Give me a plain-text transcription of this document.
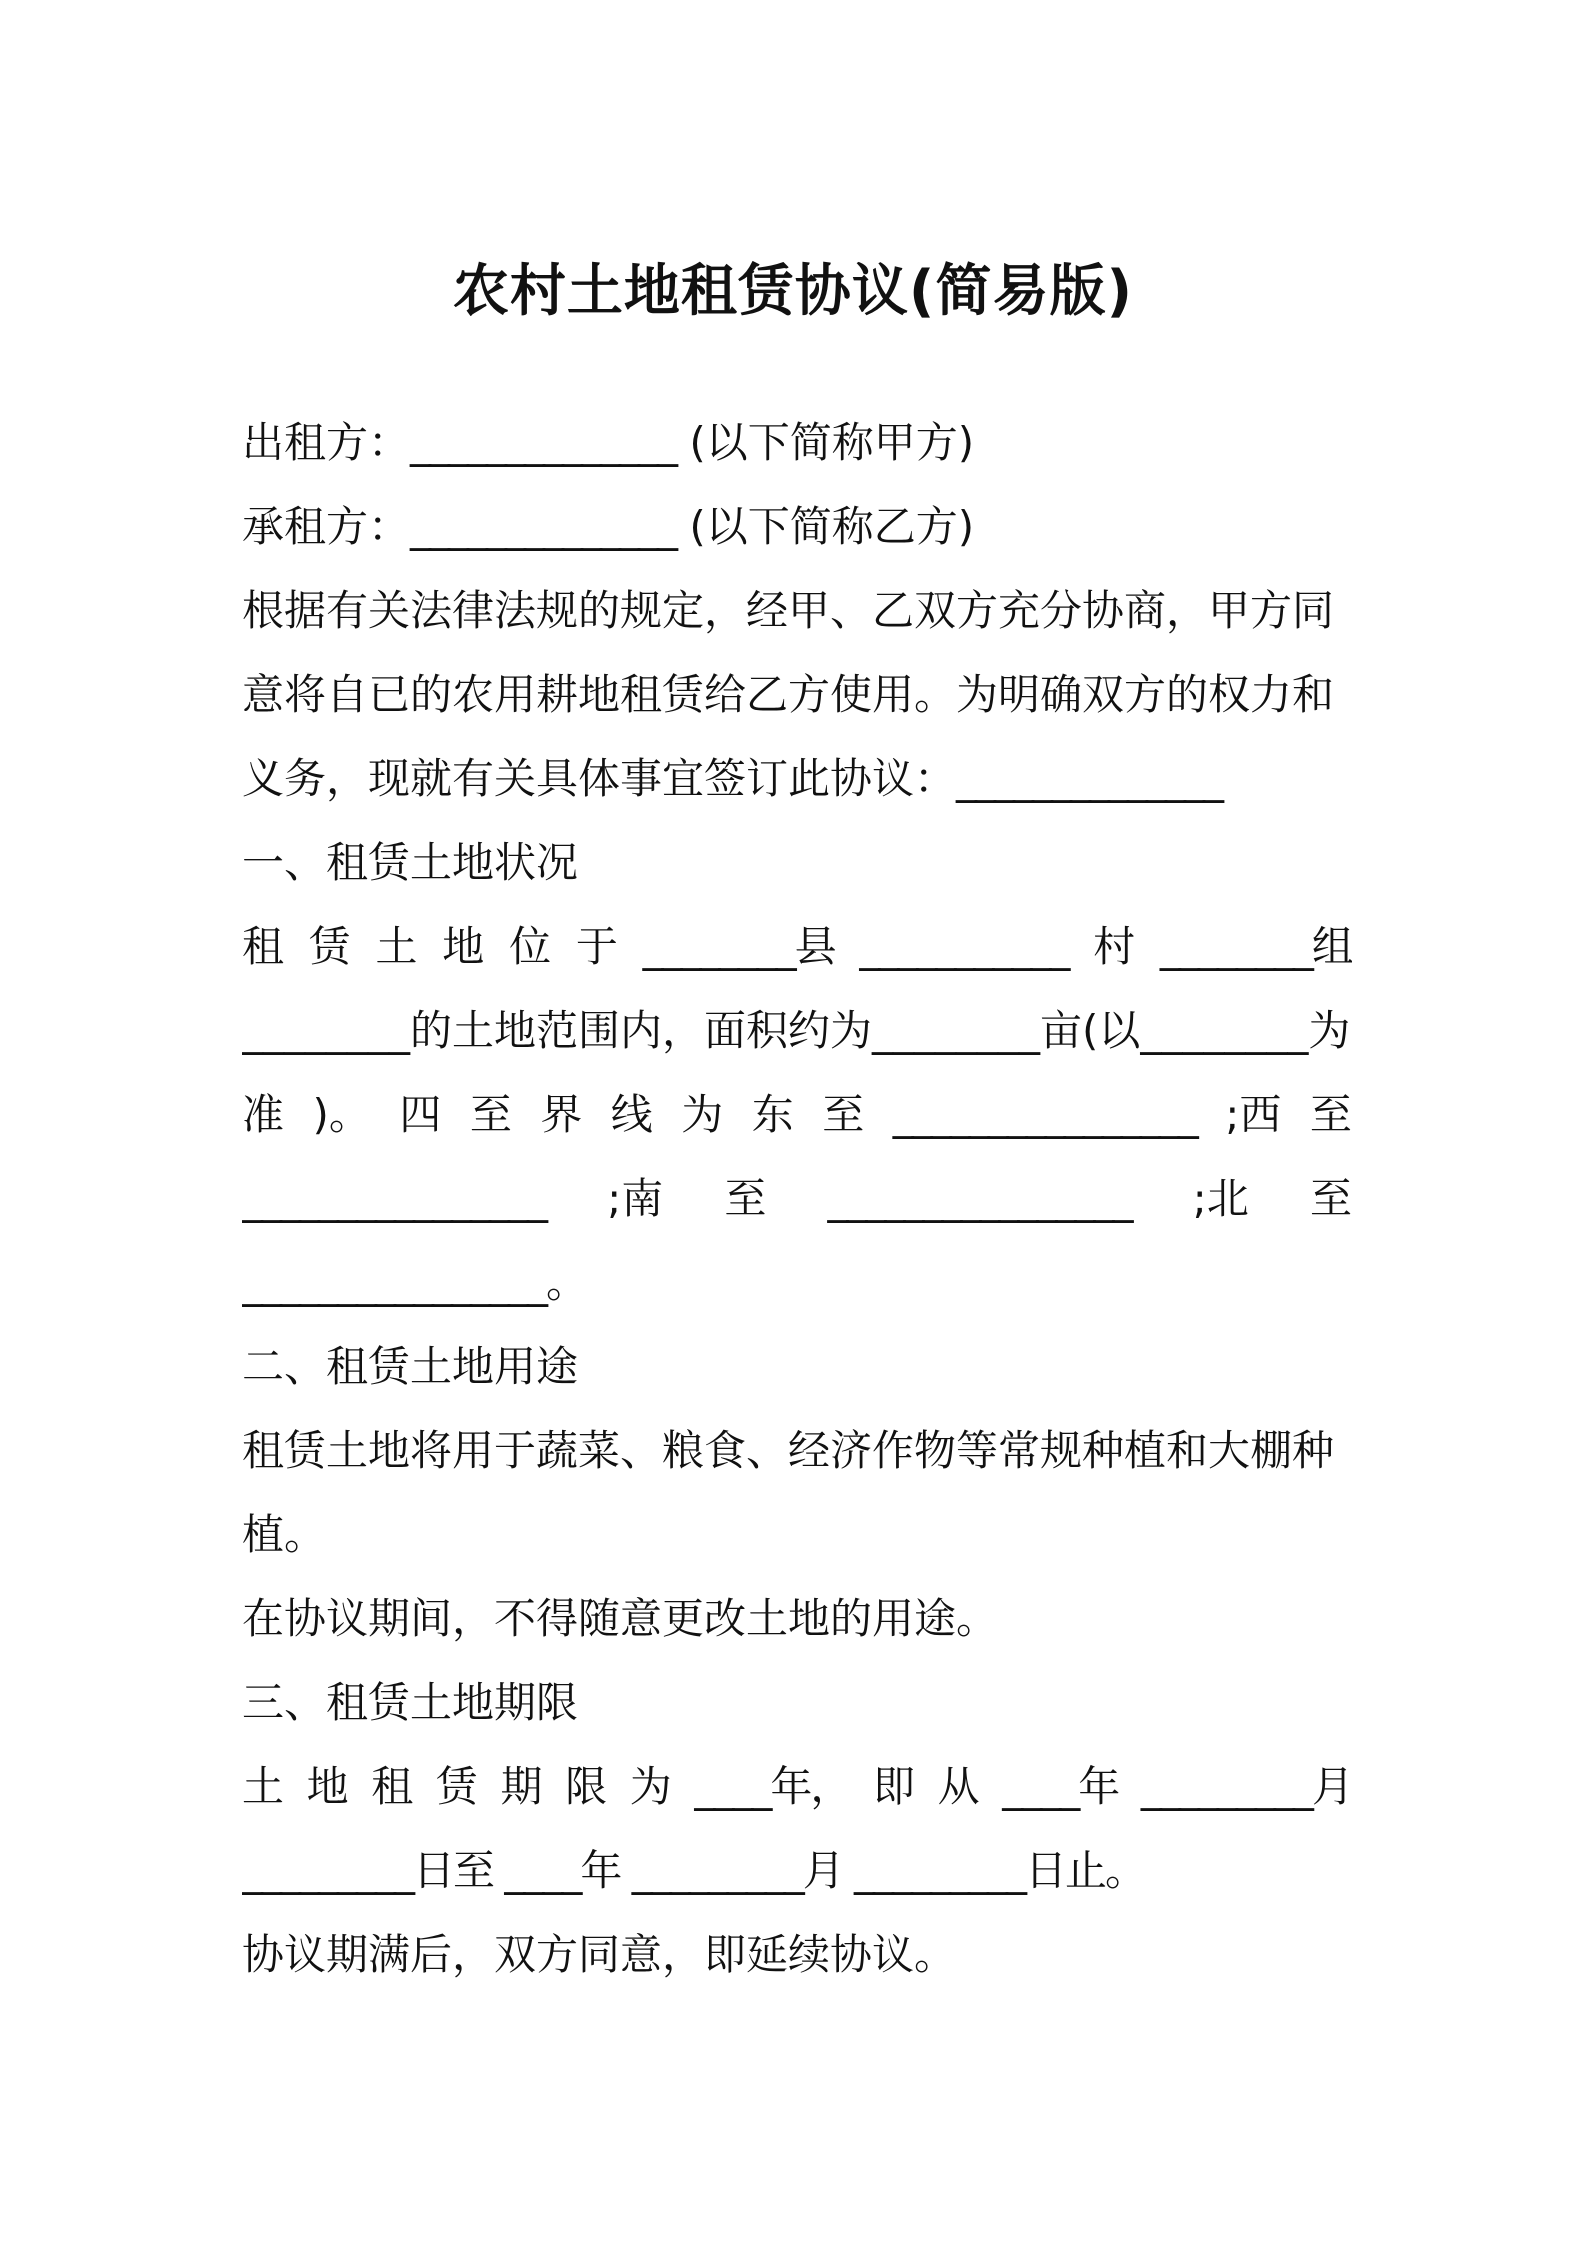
农村土地租赁协议(简易版)
出租方：______________ (以下简称甲方)
承租方：______________ (以下简称乙方)
根据有关法律法规的规定，经甲、乙双方充分协商，甲方同
意将自已的农用耕地租赁给乙方使用。为明确双方的权力和
义务，现就有关具体事宜签订此协议：______________
一、租赁土地状况
租 赁 土 地 位 于 ________县 ___________ 村 ________组
________的土地范围内，面积约为________亩(以________为
准 )。 四 至 界 线 为 东 至 ________________ ;西 至
________________ ;南 至 ________________ ;北 至
________________。
二、租赁土地用途
租赁土地将用于蔬菜、粮食、经济作物等常规种植和大棚种
植。
在协议期间，不得随意更改土地的用途。
三、租赁土地期限
土 地 租 赁 期 限 为 ____年， 即 从 ____年 _________月
_________日至 ____年 _________月 _________日止。
协议期满后，双方同意，即延续协议。
